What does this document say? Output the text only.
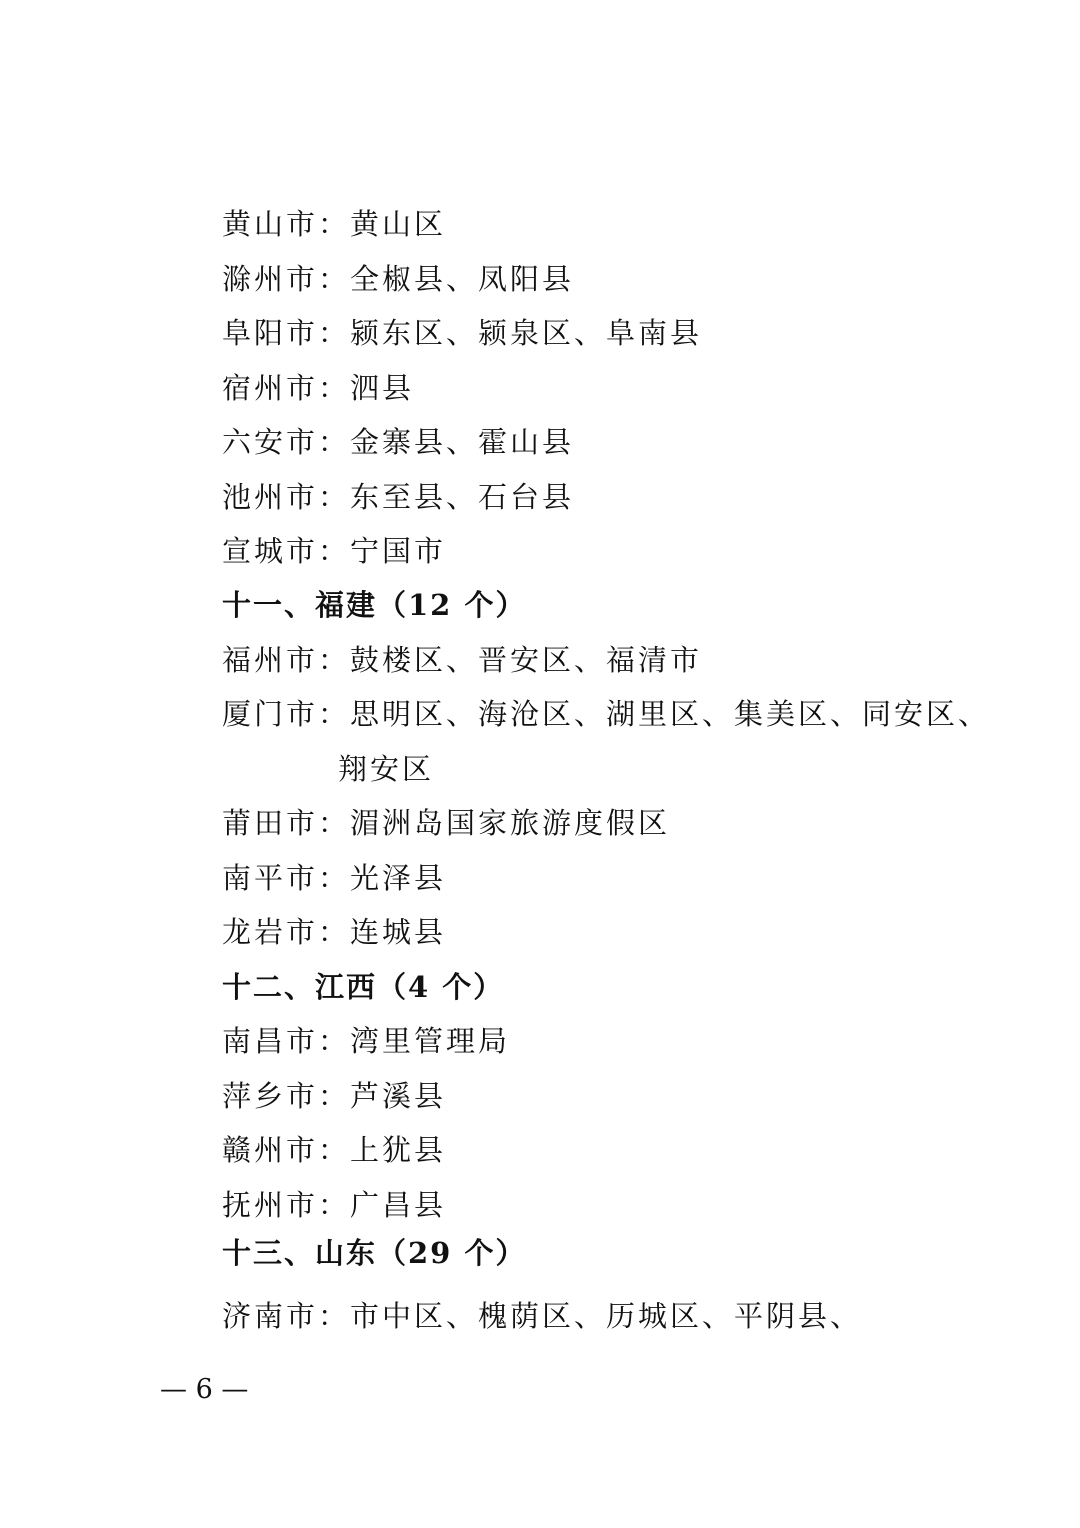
黄山市：黄山区
滁州市：全椒县、凤阳县
阜阳市：颍东区、颍泉区、阜南县
宿州市：泗县
六安市：金寨县、霍山县
池州市：东至县、石台县
宣城市：宁国市
十一、福建（12 个）
福州市：鼓楼区、晋安区、福清市
厦门市：思明区、海沧区、湖里区、集美区、同安区、
翔安区
莆田市：湄洲岛国家旅游度假区
南平市：光泽县
龙岩市：连城县
十二、江西（4 个）
南昌市：湾里管理局
萍乡市：芦溪县
赣州市：上犹县
抚州市：广昌县
十三、山东（29 个）
济南市：市中区、槐荫区、历城区、平阴县、
— 6 —
